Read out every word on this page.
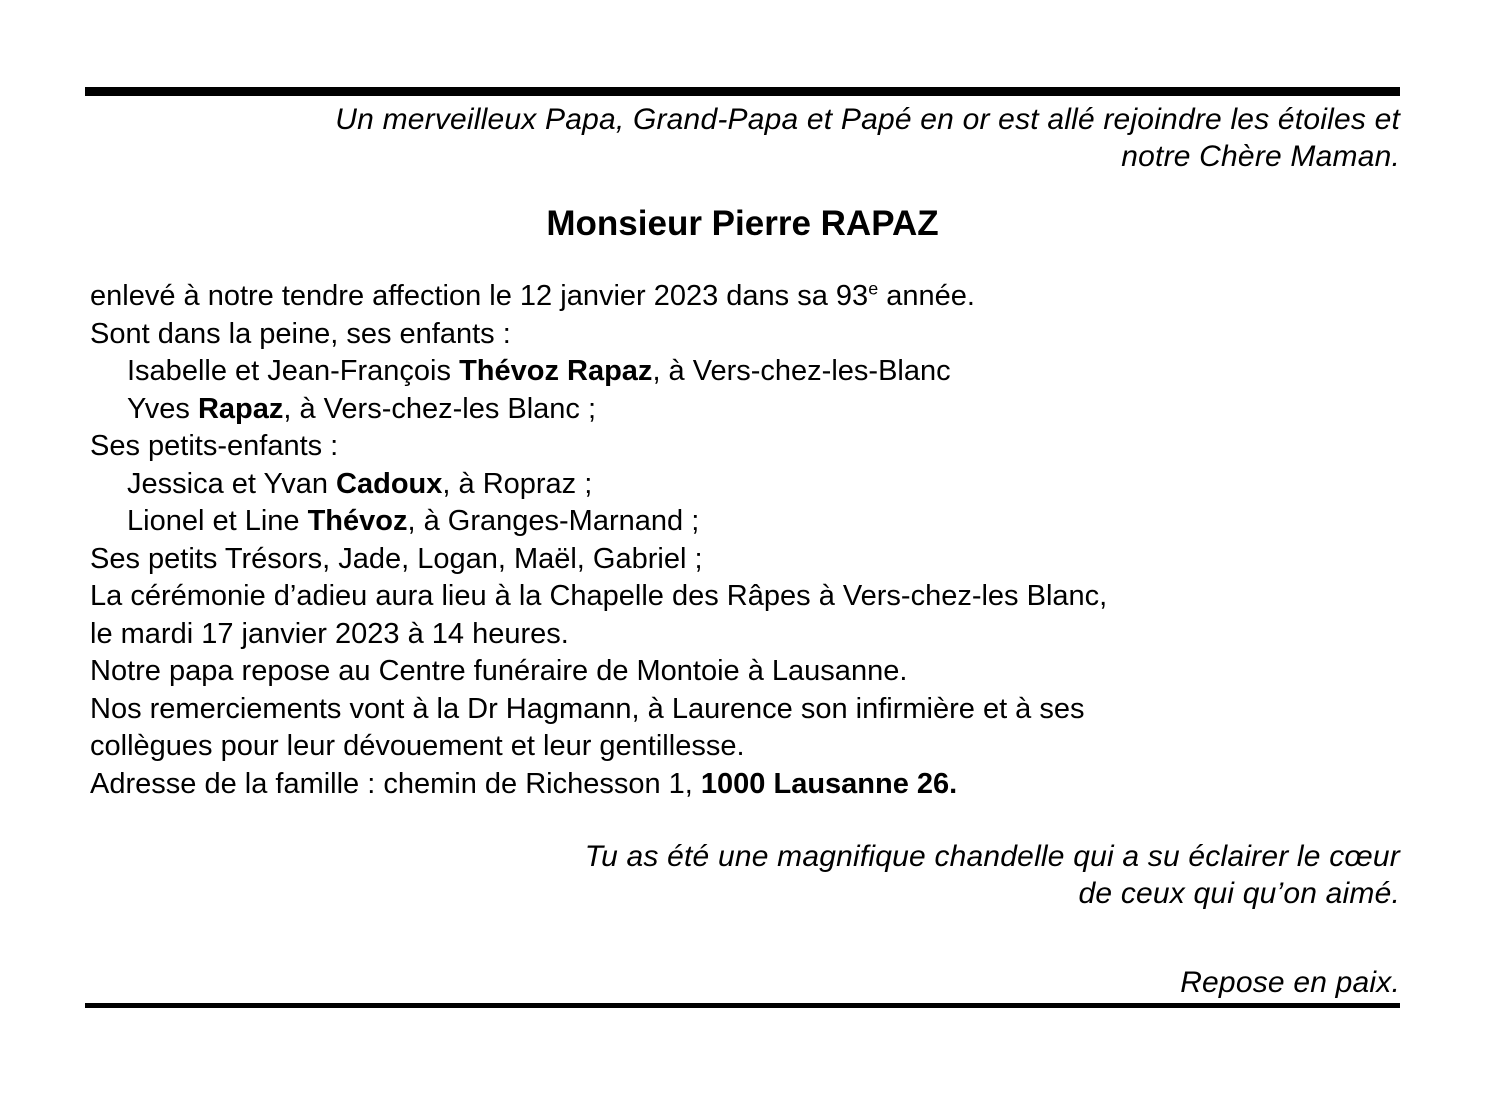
Un merveilleux Papa, Grand-Papa et Papé en or est allé rejoindre les étoiles et
notre Chère Maman.
Monsieur Pierre RAPAZ
enlevé à notre tendre affection le 12 janvier 2023 dans sa 93e année.
Sont dans la peine, ses enfants :
Isabelle et Jean-François Thévoz Rapaz, à Vers-chez-les-Blanc
Yves Rapaz, à Vers-chez-les Blanc ;
Ses petits-enfants :
Jessica et Yvan Cadoux, à Ropraz ;
Lionel et Line Thévoz, à Granges-Marnand ;
Ses petits Trésors, Jade, Logan, Maël, Gabriel ;
La cérémonie d’adieu aura lieu à la Chapelle des Râpes à Vers-chez-les Blanc,
le mardi 17 janvier 2023 à 14 heures.
Notre papa repose au Centre funéraire de Montoie à Lausanne.
Nos remerciements vont à la Dr Hagmann, à Laurence son infirmière et à ses
collègues pour leur dévouement et leur gentillesse.
Adresse de la famille : chemin de Richesson 1, 1000 Lausanne 26.
Tu as été une magnifique chandelle qui a su éclairer le cœur
de ceux qui qu’on aimé.
Repose en paix.
